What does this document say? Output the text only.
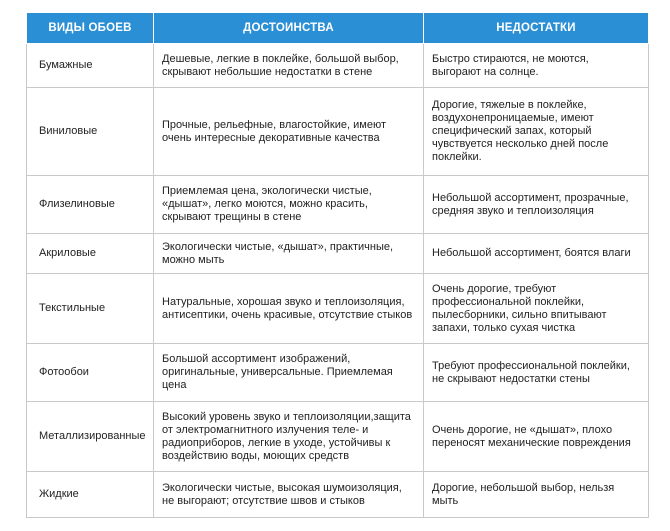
ВИДЫ ОБОЕВ	ДОСТОИНСТВА	НЕДОСТАТКИ
Бумажные	Дешевые, легкие в поклейке, большой выбор, скрывают небольшие недостатки в стене	Быстро стираются, не моются, выгорают на солнце.
Виниловые	Прочные, рельефные, влагостойкие, имеют очень интересные декоративные качества	Дорогие, тяжелые в поклейке, воздухонепроницаемые, имеют специфический запах, который чувствуется несколько дней после поклейки.
Флизелиновые	Приемлемая цена, экологически чистые, «дышат», легко моются, можно красить, скрывают трещины в стене	Небольшой ассортимент, прозрачные, средняя звуко и теплоизоляция
Акриловые	Экологически чистые, «дышат», практичные, можно мыть	Небольшой ассортимент, боятся влаги
Текстильные	Натуральные, хорошая звуко и теплоизоляция, антисептики, очень красивые, отсутствие стыков	Очень дорогие, требуют профессиональной поклейки, пылесборники, сильно впитывают запахи, только сухая чистка
Фотообои	Большой ассортимент изображений, оригинальные, универсальные. Приемлемая цена	Требуют профессиональной поклейки, не скрывают недостатки стены
Металлизированные	Высокий уровень звуко и теплоизоляции,защита от электромагнитного излучения теле- и радиоприборов, легкие в уходе, устойчивы к воздействию воды, моющих средств	Очень дорогие, не «дышат», плохо переносят механические повреждения
Жидкие	Экологически чистые, высокая шумоизоляция, не выгорают; отсутствие швов и стыков	Дорогие, небольшой выбор, нельзя мыть
